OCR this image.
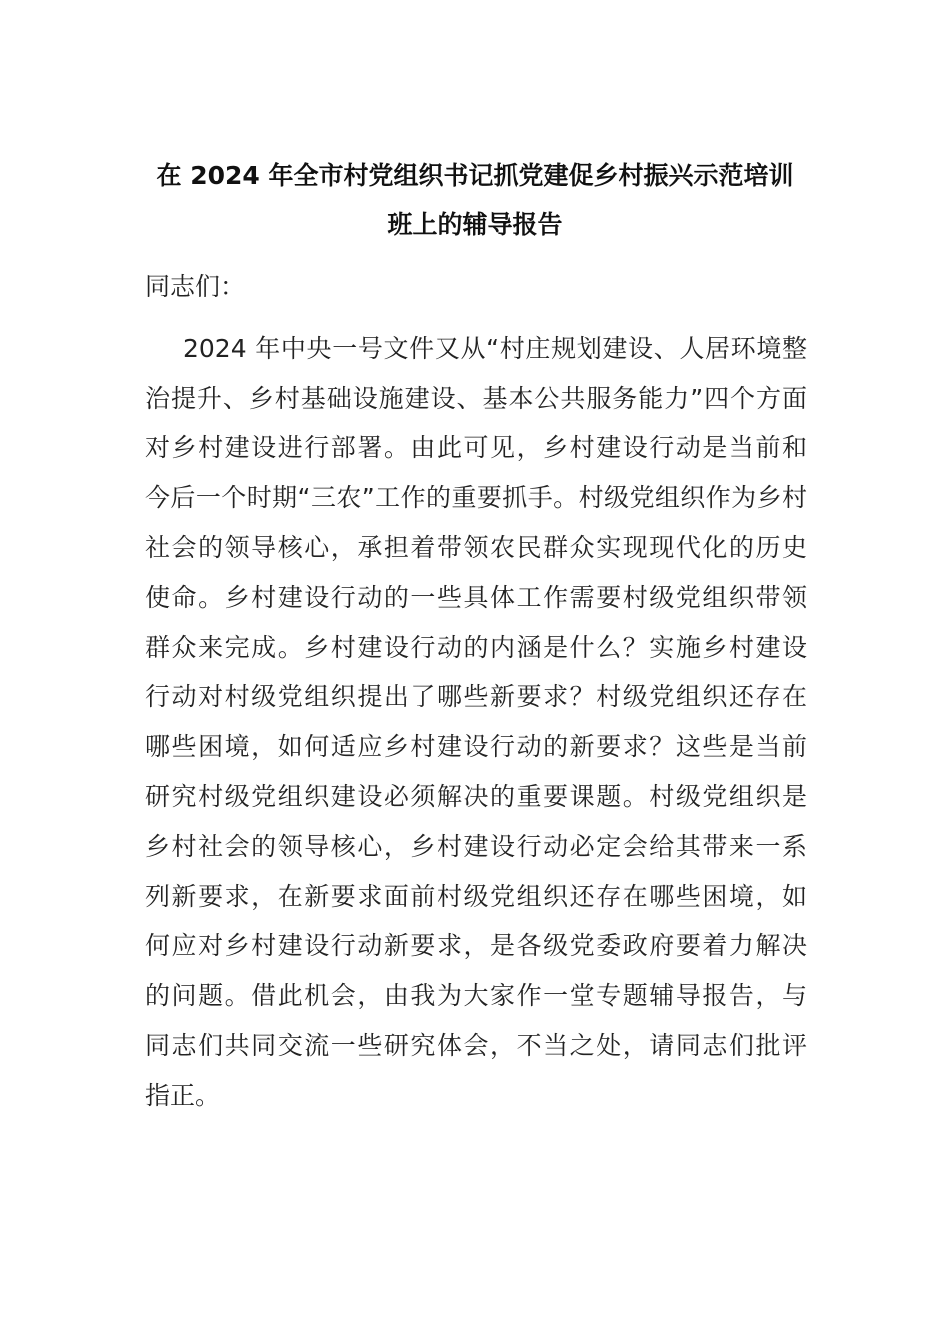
在 2024 年全市村党组织书记抓党建促乡村振兴示范培训
班上的辅导报告
同志们：
2024 年中央一号文件又从“村庄规划建设、人居环境整
治提升、乡村基础设施建设、基本公共服务能力”四个方面
对乡村建设进行部署。由此可见，乡村建设行动是当前和
今后一个时期“三农”工作的重要抓手。村级党组织作为乡村
社会的领导核心，承担着带领农民群众实现现代化的历史
使命。乡村建设行动的一些具体工作需要村级党组织带领
群众来完成。乡村建设行动的内涵是什么？实施乡村建设
行动对村级党组织提出了哪些新要求？村级党组织还存在
哪些困境，如何适应乡村建设行动的新要求？这些是当前
研究村级党组织建设必须解决的重要课题。村级党组织是
乡村社会的领导核心，乡村建设行动必定会给其带来一系
列新要求，在新要求面前村级党组织还存在哪些困境，如
何应对乡村建设行动新要求，是各级党委政府要着力解决
的问题。借此机会，由我为大家作一堂专题辅导报告，与
同志们共同交流一些研究体会，不当之处，请同志们批评
指正。
